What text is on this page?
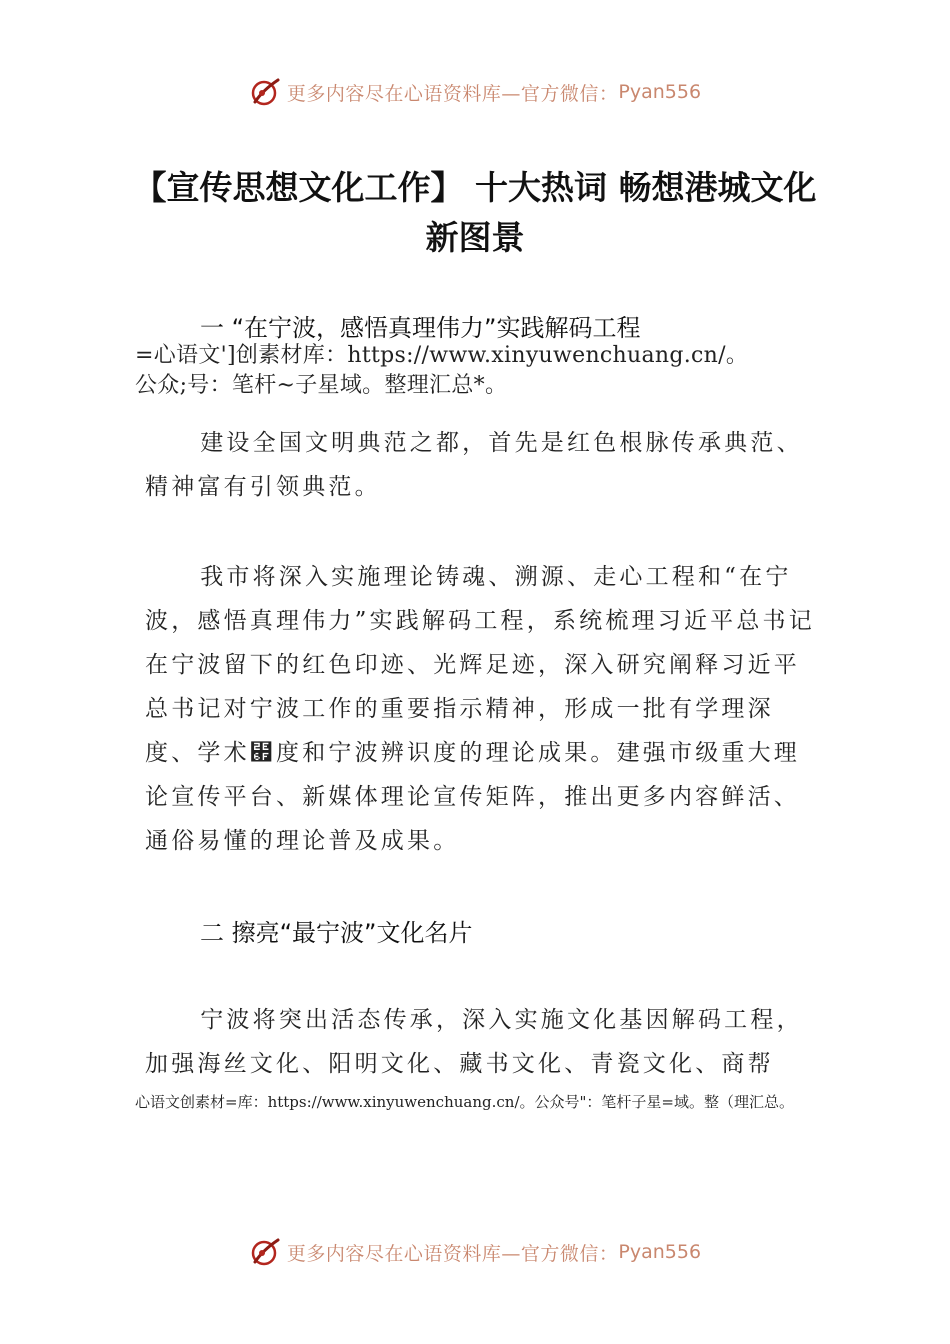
更多内容尽在心语资料库—官方微信： Pyan556
【宣传思想文化工作】 十大热词 畅想港城文化新图景
一 “在宁波，感悟真理伟力”实践解码工程
=心语文']创素材库：https://www.xinyuwenchuang.cn/。
公众;号：笔杆~子星域。整理汇总*。
建设全国文明典范之都，首先是红色根脉传承典范、精神富有引领典范。
我市将深入实施理论铸魂、溯源、走心工程和“在宁波，感悟真理伟力”实践解码工程，系统梳理习近平总书记在宁波留下的红色印迹、光辉足迹，深入研究阐释习近平总书记对宁波工作的重要指示精神，形成一批有学理深度、学术⹯度和宁波辨识度的理论成果。建强市级重大理论宣传平台、新媒体理论宣传矩阵，推出更多内容鲜活、通俗易懂的理论普及成果。
二 擦亮“最宁波”文化名片
宁波将突出活态传承，深入实施文化基因解码工程，加强海丝文化、阳明文化、藏书文化、青瓷文化、商帮
心语文创素材=库：https://www.xinyuwenchuang.cn/。公众号"：笔杆子星=域。整（理汇总。
更多内容尽在心语资料库—官方微信： Pyan556
